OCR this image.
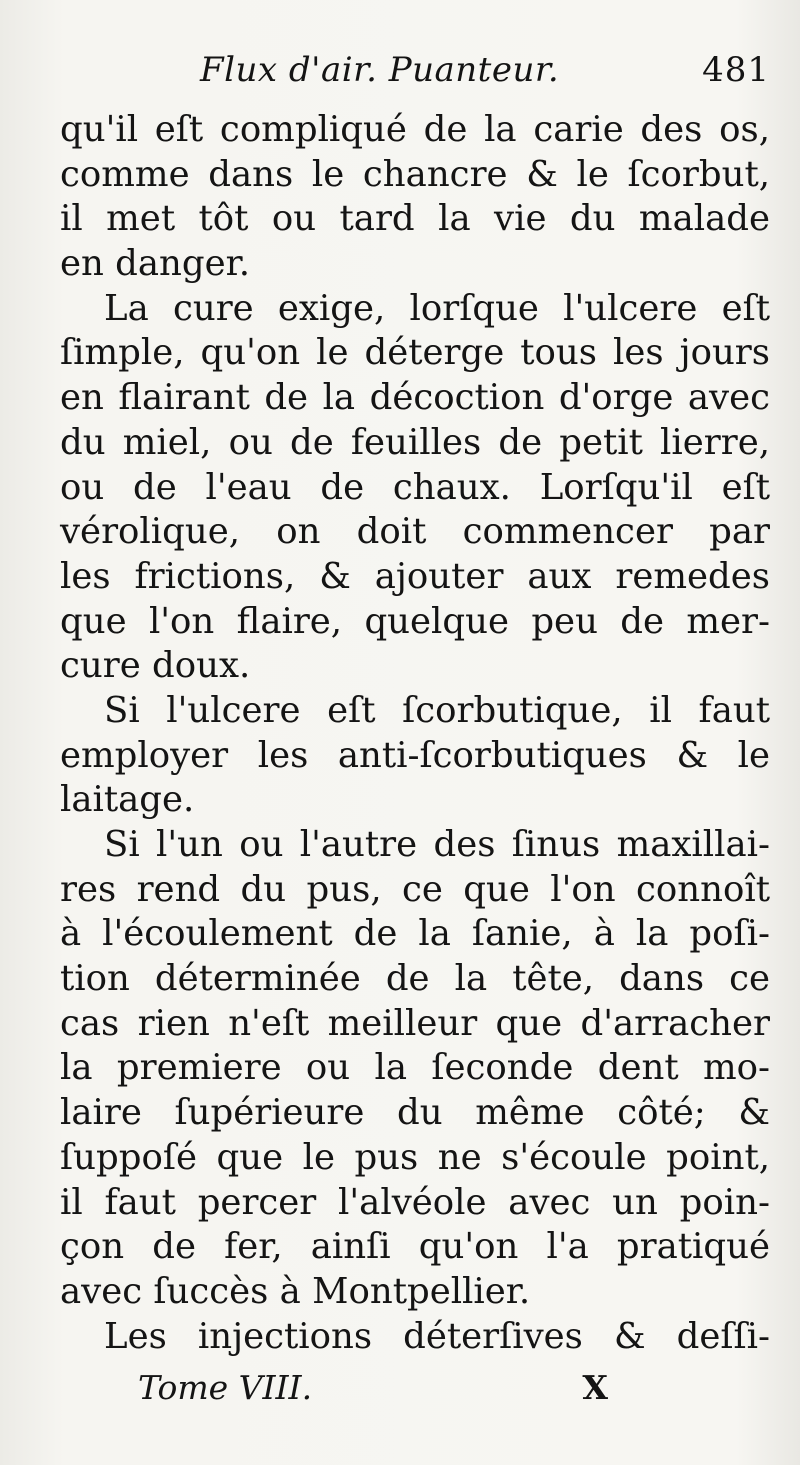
Flux d'air. Puanteur.	481
qu'il eſt compliqué de la carie des os,
comme dans le chancre & le ſcorbut,
il met tôt ou tard la vie du malade
en danger.
La cure exige, lorſque l'ulcere eſt
ſimple, qu'on le déterge tous les jours
en flairant de la décoction d'orge avec
du miel, ou de feuilles de petit lierre,
ou de l'eau de chaux. Lorſqu'il eſt
vérolique, on doit commencer par
les frictions, & ajouter aux remedes
que l'on flaire, quelque peu de mer-
cure doux.
Si l'ulcere eſt ſcorbutique, il faut
employer les anti-ſcorbutiques & le
laitage.
Si l'un ou l'autre des ſinus maxillai-
res rend du pus, ce que l'on connoît
à l'écoulement de la ſanie, à la poſi-
tion déterminée de la tête, dans ce
cas rien n'eſt meilleur que d'arracher
la premiere ou la ſeconde dent mo-
laire ſupérieure du même côté; &
ſuppoſé que le pus ne s'écoule point,
il faut percer l'alvéole avec un poin-
çon de fer, ainſi qu'on l'a pratiqué
avec ſuccès à Montpellier.
Les injections déterſives & deſſi-
Tome VIII.	X
